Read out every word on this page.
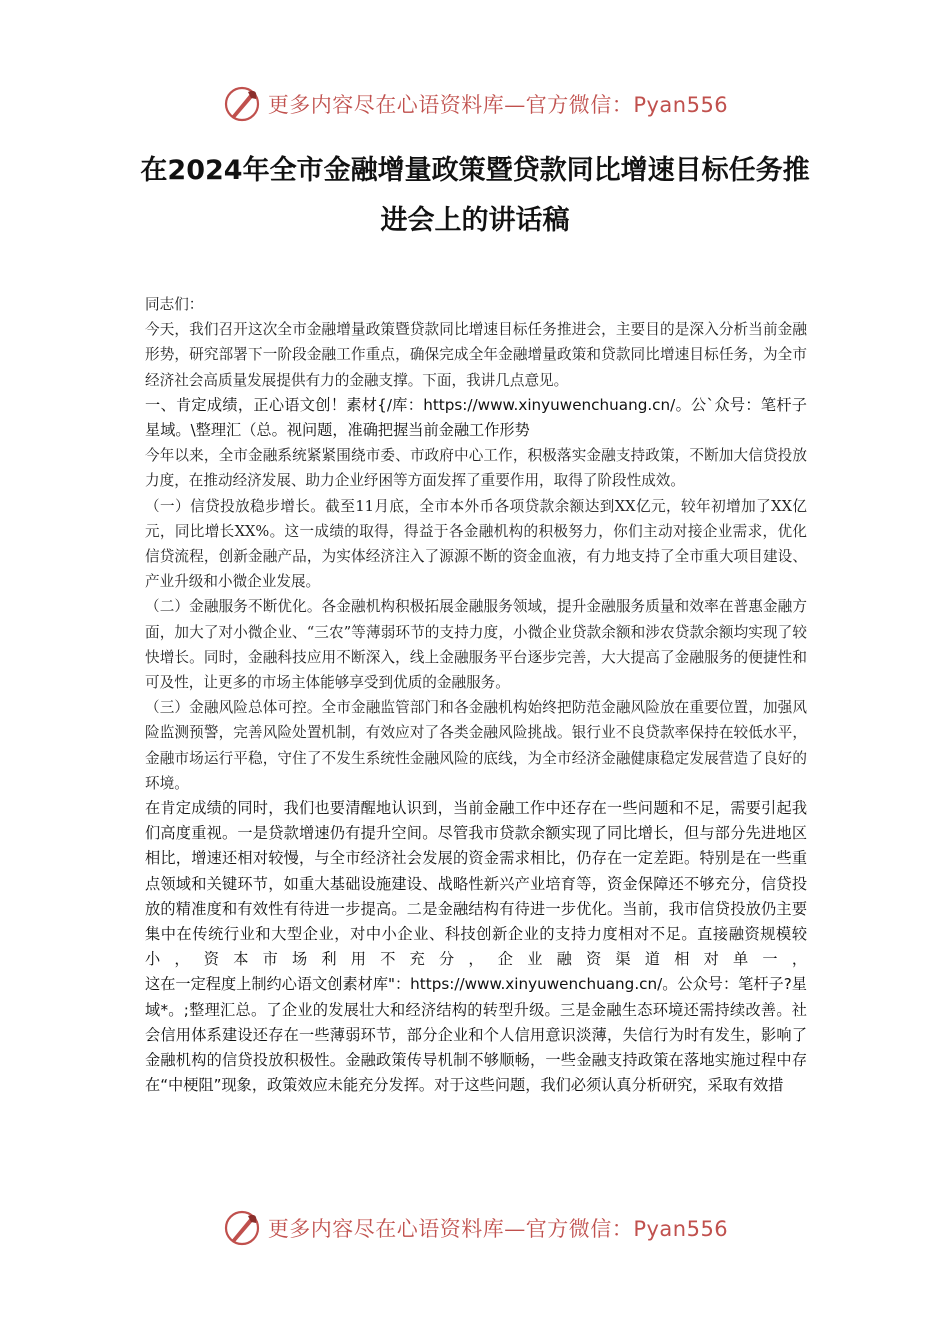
更多内容尽在心语资料库—官方微信：Pyan556
在2024年全市金融增量政策暨贷款同比增速目标任务推进会上的讲话稿

同志们：

今天，我们召开这次全市金融增量政策暨贷款同比增速目标任务推进会，主要目的是深入分析当前金融形势，研究部署下一阶段金融工作重点，确保完成全年金融增量政策和贷款同比增速目标任务，为全市经济社会高质量发展提供有力的金融支撑。下面，我讲几点意见。

一、肯定成绩，正心语文创！素材{/库：https://www.xinyuwenchuang.cn/。公`众号：笔杆子星域。\整理汇（总。视问题，准确把握当前金融工作形势

今年以来，全市金融系统紧紧围绕市委、市政府中心工作，积极落实金融支持政策，不断加大信贷投放力度，在推动经济发展、助力企业纾困等方面发挥了重要作用，取得了阶段性成效。

（一）信贷投放稳步增长。截至11月底，全市本外币各项贷款余额达到XX亿元，较年初增加了XX亿元，同比增长XX%。这一成绩的取得，得益于各金融机构的积极努力，你们主动对接企业需求，优化信贷流程，创新金融产品，为实体经济注入了源源不断的资金血液，有力地支持了全市重大项目建设、产业升级和小微企业发展。

（二）金融服务不断优化。各金融机构积极拓展金融服务领域，提升金融服务质量和效率在普惠金融方面，加大了对小微企业、“三农”等薄弱环节的支持力度，小微企业贷款余额和涉农贷款余额均实现了较快增长。同时，金融科技应用不断深入，线上金融服务平台逐步完善，大大提高了金融服务的便捷性和可及性，让更多的市场主体能够享受到优质的金融服务。

（三）金融风险总体可控。全市金融监管部门和各金融机构始终把防范金融风险放在重要位置，加强风险监测预警，完善风险处置机制，有效应对了各类金融风险挑战。银行业不良贷款率保持在较低水平，金融市场运行平稳，守住了不发生系统性金融风险的底线，为全市经济金融健康稳定发展营造了良好的环境。

在肯定成绩的同时，我们也要清醒地认识到，当前金融工作中还存在一些问题和不足，需要引起我们高度重视。一是贷款增速仍有提升空间。尽管我市贷款余额实现了同比增长，但与部分先进地区相比，增速还相对较慢，与全市经济社会发展的资金需求相比，仍存在一定差距。特别是在一些重点领域和关键环节，如重大基础设施建设、战略性新兴产业培育等，资金保障还不够充分，信贷投放的精准度和有效性有待进一步提高。二是金融结构有待进一步优化。当前，我市信贷投放仍主要集中在传统行业和大型企业，对中小企业、科技创新企业的支持力度相对不足。直接融资规模较小，资本市场利用不充分，企业融资渠道相对单一，

这在一定程度上制约心语文创素材库"：https://www.xinyuwenchuang.cn/。公众号：笔杆子?星域*。;整理汇总。了企业的发展壮大和经济结构的转型升级。三是金融生态环境还需持续改善。社会信用体系建设还存在一些薄弱环节，部分企业和个人信用意识淡薄，失信行为时有发生，影响了金融机构的信贷投放积极性。金融政策传导机制不够顺畅，一些金融支持政策在落地实施过程中存在“中梗阻”现象，政策效应未能充分发挥。对于这些问题，我们必须认真分析研究，采取有效措

更多内容尽在心语资料库—官方微信：Pyan556
